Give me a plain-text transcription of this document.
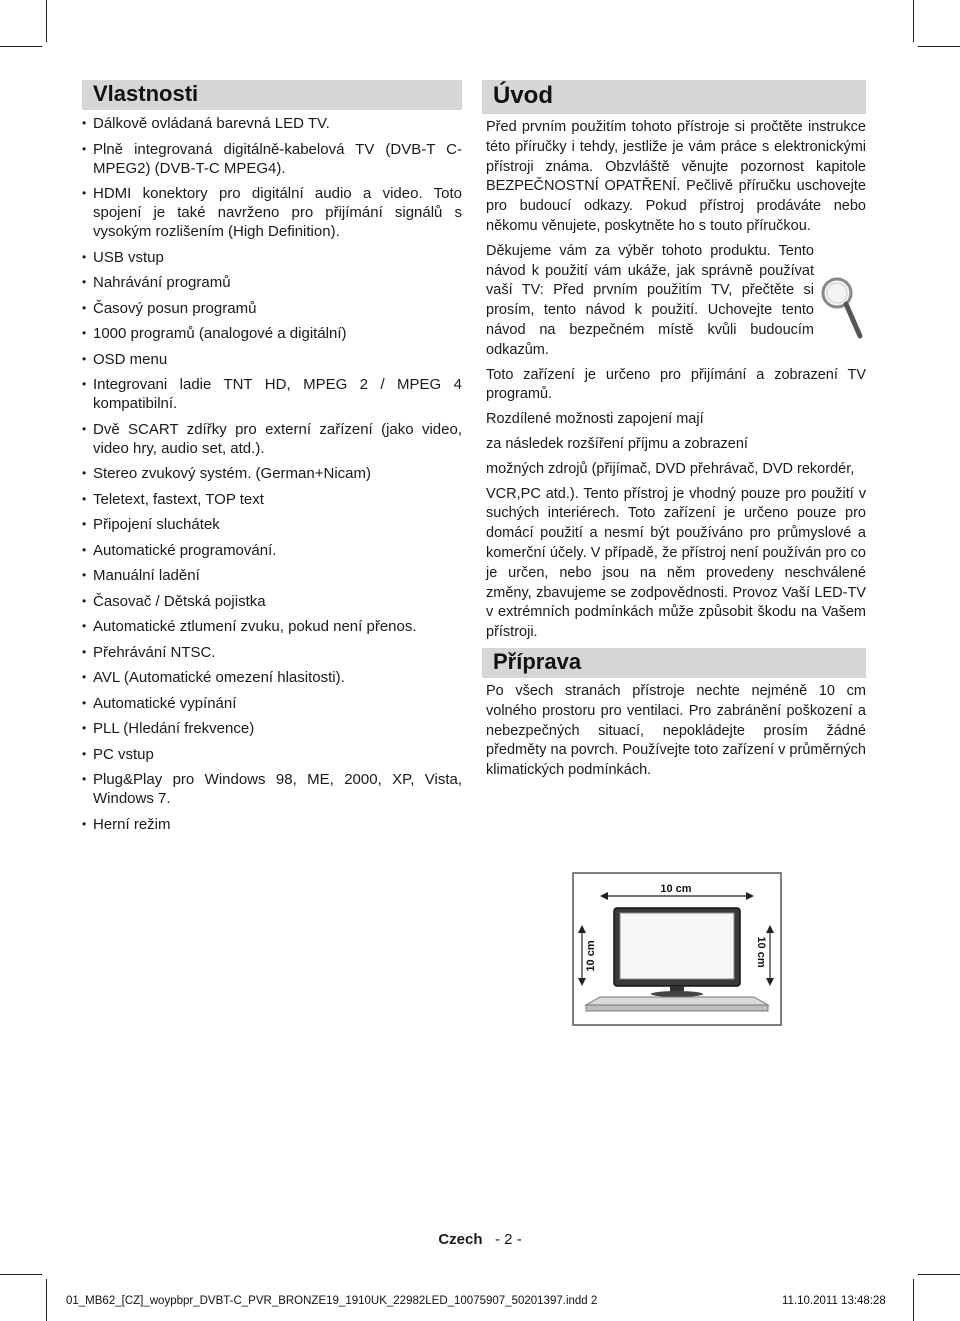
Vlastnosti
• Dálkově ovládaná barevná LED TV.
• Plně integrovaná digitálně-kabelová TV (DVB-T C- MPEG2) (DVB-T-C MPEG4).
• HDMI konektory pro digitální audio a video. Toto spojení je také navrženo pro přijímání signálů s vysokým rozlišením (High Definition).
• USB vstup
• Nahrávání programů
• Časový posun programů
• 1000 programů (analogové a digitální)
• OSD menu
• Integrovani ladie TNT HD, MPEG 2 / MPEG 4 kompatibilní.
• Dvě SCART zdířky pro externí zařízení (jako video, video hry, audio set, atd.).
• Stereo zvukový systém. (German+Nicam)
• Teletext, fastext, TOP text
• Připojení sluchátek
• Automatické programování.
• Manuální ladění
• Časovač / Dětská pojistka
• Automatické ztlumení zvuku, pokud není přenos.
• Přehrávání NTSC.
• AVL (Automatické omezení hlasitosti).
• Automatické vypínání
• PLL (Hledání frekvence)
• PC vstup
• Plug&Play pro Windows 98, ME, 2000, XP, Vista, Windows 7.
• Herní režim
Úvod

Před prvním použitím tohoto přístroje si pročtěte instrukce této příručky i tehdy, jestliže je vám práce s elektronickými přístroji známa. Obzvláště věnujte pozornost kapitole BEZPEČNOSTNÍ OPATŘENÍ. Pečlivě příručku uschovejte pro budoucí odkazy. Pokud přístroj prodáváte nebo někomu věnujete, poskytněte ho s touto příručkou.

Děkujeme vám za výběr tohoto produktu. Tento návod k použití vám ukáže, jak správně používat vaší TV: Před prvním použitím TV, přečtěte si prosím, tento návod k použití. Uchovejte tento návod na bezpečném místě kvůli budoucím odkazům.

Toto zařízení je určeno pro přijímání a zobrazení TV programů.

Rozdílené možnosti zapojení mají

za následek rozšíření příjmu a zobrazení

možných zdrojů (přijímač, DVD přehrávač, DVD rekordér,

VCR,PC atd.). Tento přístroj je vhodný pouze pro použití v suchých interiérech. Toto zařízení je určeno pouze pro domácí použití a nesmí být používáno pro průmyslové a komerční účely. V případě, že přístroj není používán pro co je určen, nebo jsou na něm provedeny neschválené změny, zbavujeme se zodpovědnosti. Provoz Vaší LED-TV v extrémních podmínkách může způsobit škodu na Vašem přístroji.

Příprava

Po všech stranách přístroje nechte nejméně 10 cm volného prostoru pro ventilaci. Pro zabránění poškození a nebezpečných situací, nepokládejte prosím žádné předměty na povrch. Používejte toto zařízení v průměrných klimatických podmínkách.

10 cm
10 cm	10 cm
Czech - 2 -
01_MB62_[CZ]_woypbpr_DVBT-C_PVR_BRONZE19_1910UK_22982LED_10075907_50201397.indd 2	11.10.2011 13:48:28
